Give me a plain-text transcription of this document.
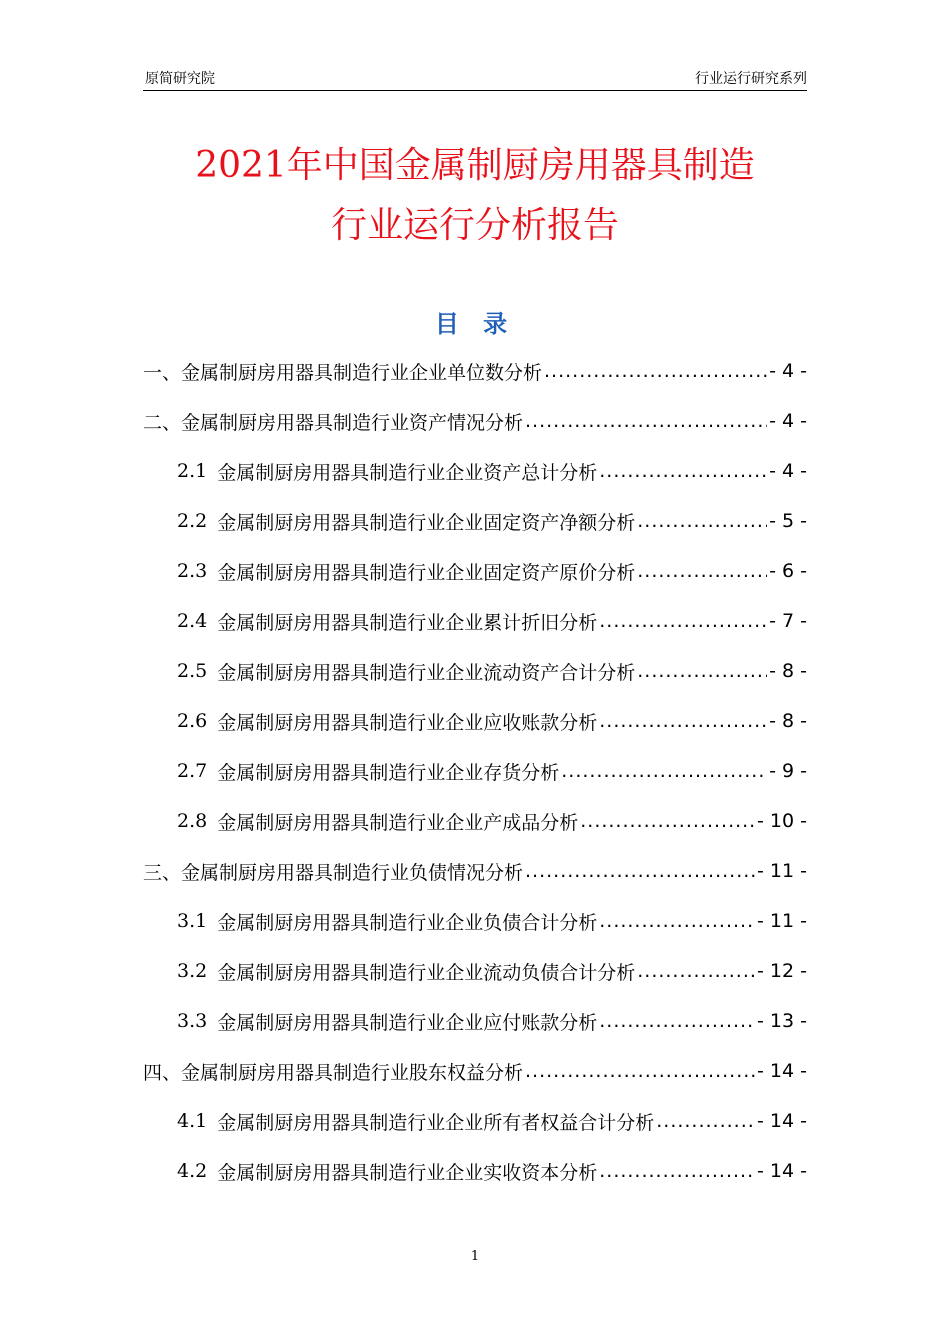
原简研究院	行业运行研究系列
2021年中国金属制厨房用器具制造
行业运行分析报告
目 录
一、金属制厨房用器具制造行业企业单位数分析 .....	- 4 -
二、金属制厨房用器具制造行业资产情况分析 .....	- 4 -
2.1 金属制厨房用器具制造行业企业资产总计分析 .....	- 4 -
2.2 金属制厨房用器具制造行业企业固定资产净额分析 .....	- 5 -
2.3 金属制厨房用器具制造行业企业固定资产原价分析 .....	- 6 -
2.4 金属制厨房用器具制造行业企业累计折旧分析 .....	- 7 -
2.5 金属制厨房用器具制造行业企业流动资产合计分析 .....	- 8 -
2.6 金属制厨房用器具制造行业企业应收账款分析 .....	- 8 -
2.7 金属制厨房用器具制造行业企业存货分析 .....	- 9 -
2.8 金属制厨房用器具制造行业企业产成品分析 .....	- 10 -
三、金属制厨房用器具制造行业负债情况分析 .....	- 11 -
3.1 金属制厨房用器具制造行业企业负债合计分析 .....	- 11 -
3.2 金属制厨房用器具制造行业企业流动负债合计分析 .....	- 12 -
3.3 金属制厨房用器具制造行业企业应付账款分析 .....	- 13 -
四、金属制厨房用器具制造行业股东权益分析 .....	- 14 -
4.1 金属制厨房用器具制造行业企业所有者权益合计分析 .....	- 14 -
4.2 金属制厨房用器具制造行业企业实收资本分析 .....	- 14 -
1
